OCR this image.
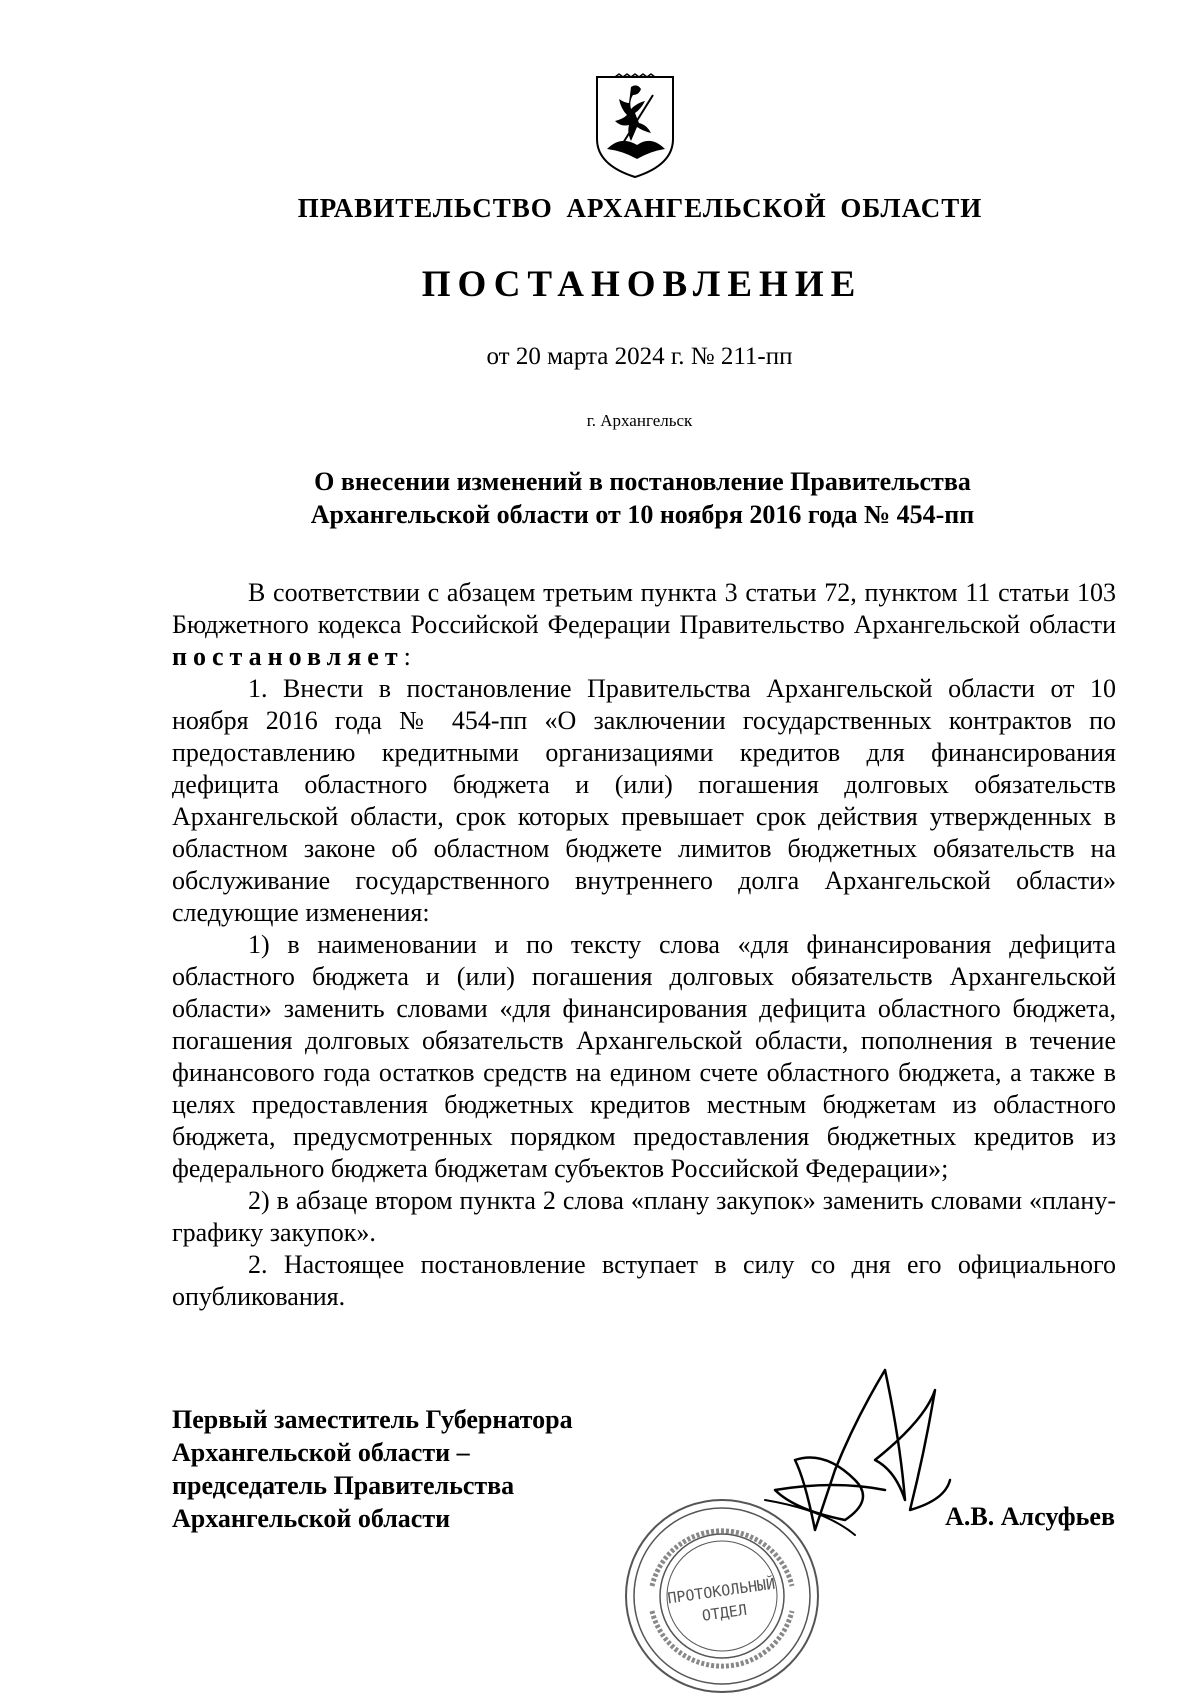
ПРАВИТЕЛЬСТВО АРХАНГЕЛЬСКОЙ ОБЛАСТИ
ПОСТАНОВЛЕНИЕ
от 20 марта 2024 г. № 211-пп
г. Архангельск
О внесении изменений в постановление Правительства
Архангельской области от 10 ноября 2016 года № 454-пп

В соответствии с абзацем третьим пункта 3 статьи 72, пунктом 11 статьи 103 Бюджетного кодекса Российской Федерации Правительство Архангельской области постановляет:

1. Внести в постановление Правительства Архангельской области от 10 ноября 2016 года № 454-пп «О заключении государственных контрактов по предоставлению кредитными организациями кредитов для финансирования дефицита областного бюджета и (или) погашения долговых обязательств Архангельской области, срок которых превышает срок действия утвержденных в областном законе об областном бюджете лимитов бюджетных обязательств на обслуживание государственного внутреннего долга Архангельской области» следующие изменения:

1) в наименовании и по тексту слова «для финансирования дефицита областного бюджета и (или) погашения долговых обязательств Архангельской области» заменить словами «для финансирования дефицита областного бюджета, погашения долговых обязательств Архангельской области, пополнения в течение финансового года остатков средств на едином счете областного бюджета, а также в целях предоставления бюджетных кредитов местным бюджетам из областного бюджета, предусмотренных порядком предоставления бюджетных кредитов из федерального бюджета бюджетам субъектов Российской Федерации»;

2) в абзаце втором пункта 2 слова «плану закупок» заменить словами «плану-графику закупок».

2. Настоящее постановление вступает в силу со дня его официального опубликования.

Первый заместитель Губернатора
Архангельской области –
председатель Правительства
Архангельской области	А.В. Алсуфьев
ПРОТОКОЛЬНЫЙ
ОТДЕЛ
